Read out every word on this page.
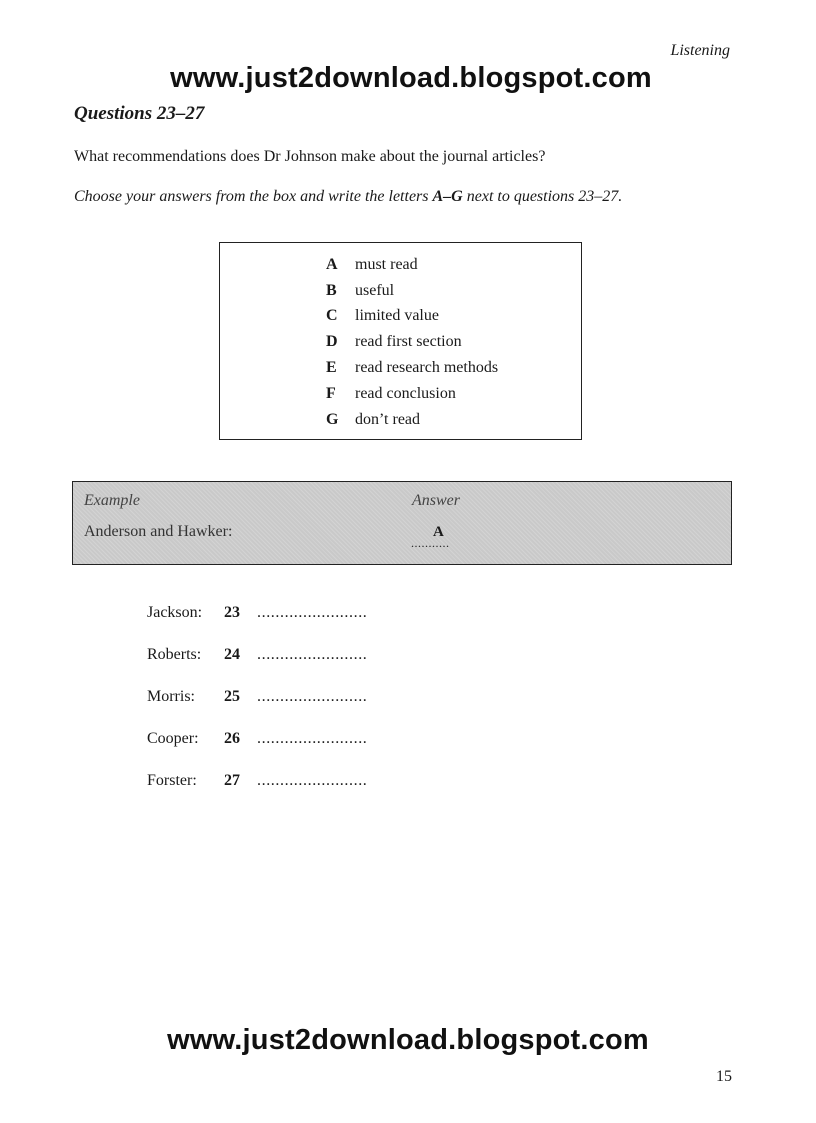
Listening
www.just2download.blogspot.com
Questions 23–27
What recommendations does Dr Johnson make about the journal articles?
Choose your answers from the box and write the letters A–G next to questions 23–27.
A	must read
B	useful
C	limited value
D	read first section
E	read research methods
F	read conclusion
G	don’t read
Example	Answer
Anderson and Hawker:	A
...........
Jackson: 23 ........................
Roberts: 24 ........................
Morris: 25 ........................
Cooper: 26 ........................
Forster: 27 ........................
www.just2download.blogspot.com
15
